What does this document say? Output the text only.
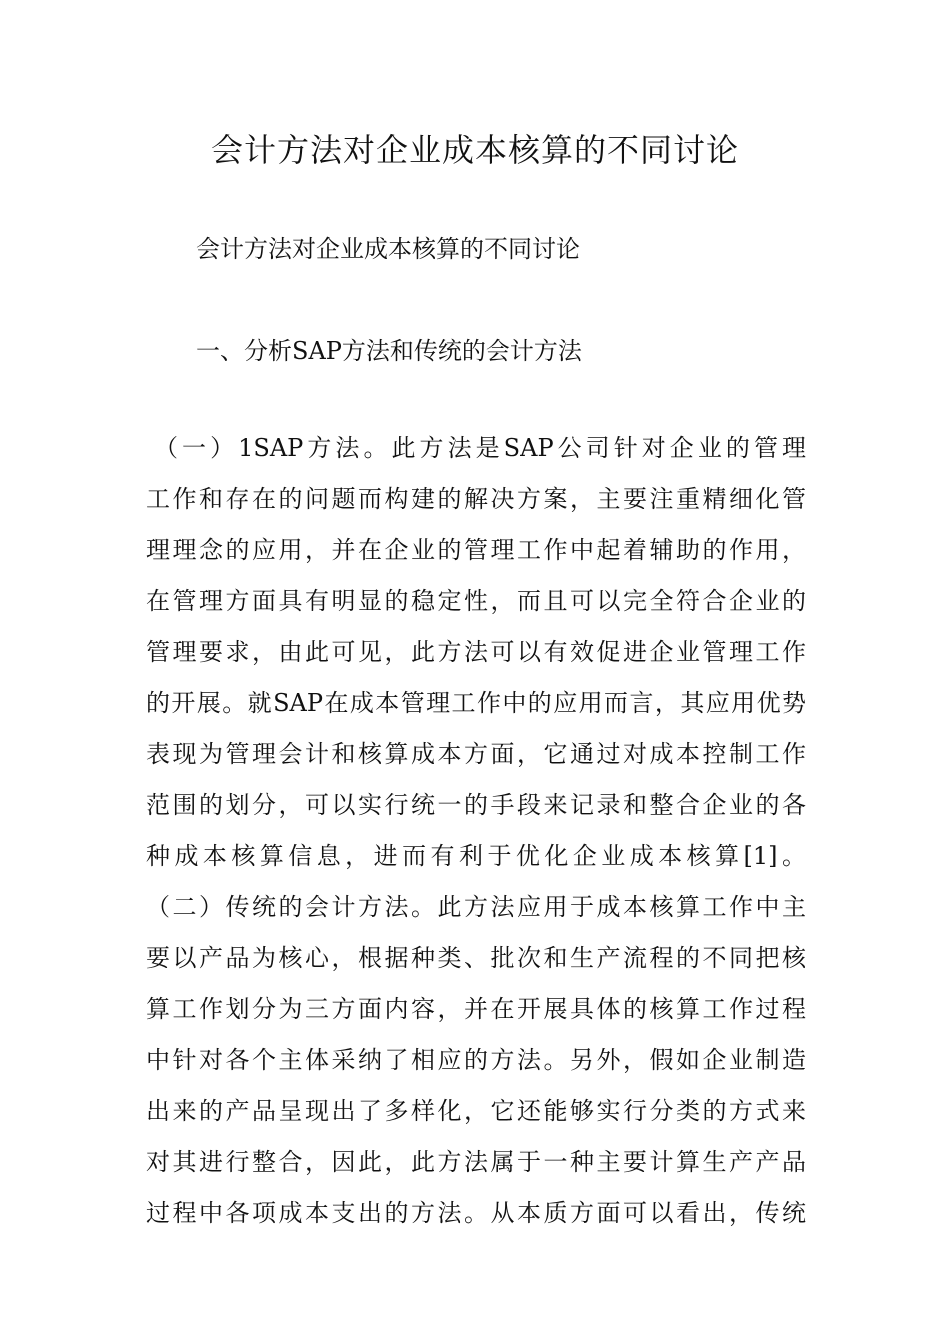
会计方法对企业成本核算的不同讨论

会计方法对企业成本核算的不同讨论

一、分析SAP方法和传统的会计方法

（一）1SAP方法。此方法是SAP公司针对企业的管理
工作和存在的问题而构建的解决方案，主要注重精细化管
理理念的应用，并在企业的管理工作中起着辅助的作用，
在管理方面具有明显的稳定性，而且可以完全符合企业的
管理要求，由此可见，此方法可以有效促进企业管理工作
的开展。就SAP在成本管理工作中的应用而言，其应用优势
表现为管理会计和核算成本方面，它通过对成本控制工作
范围的划分，可以实行统一的手段来记录和整合企业的各
种成本核算信息，进而有利于优化企业成本核算[1]。
（二）传统的会计方法。此方法应用于成本核算工作中主
要以产品为核心，根据种类、批次和生产流程的不同把核
算工作划分为三方面内容，并在开展具体的核算工作过程
中针对各个主体采纳了相应的方法。另外，假如企业制造
出来的产品呈现出了多样化，它还能够实行分类的方式来
对其进行整合，因此，此方法属于一种主要计算生产产品
过程中各项成本支出的方法。从本质方面可以看出，传统
